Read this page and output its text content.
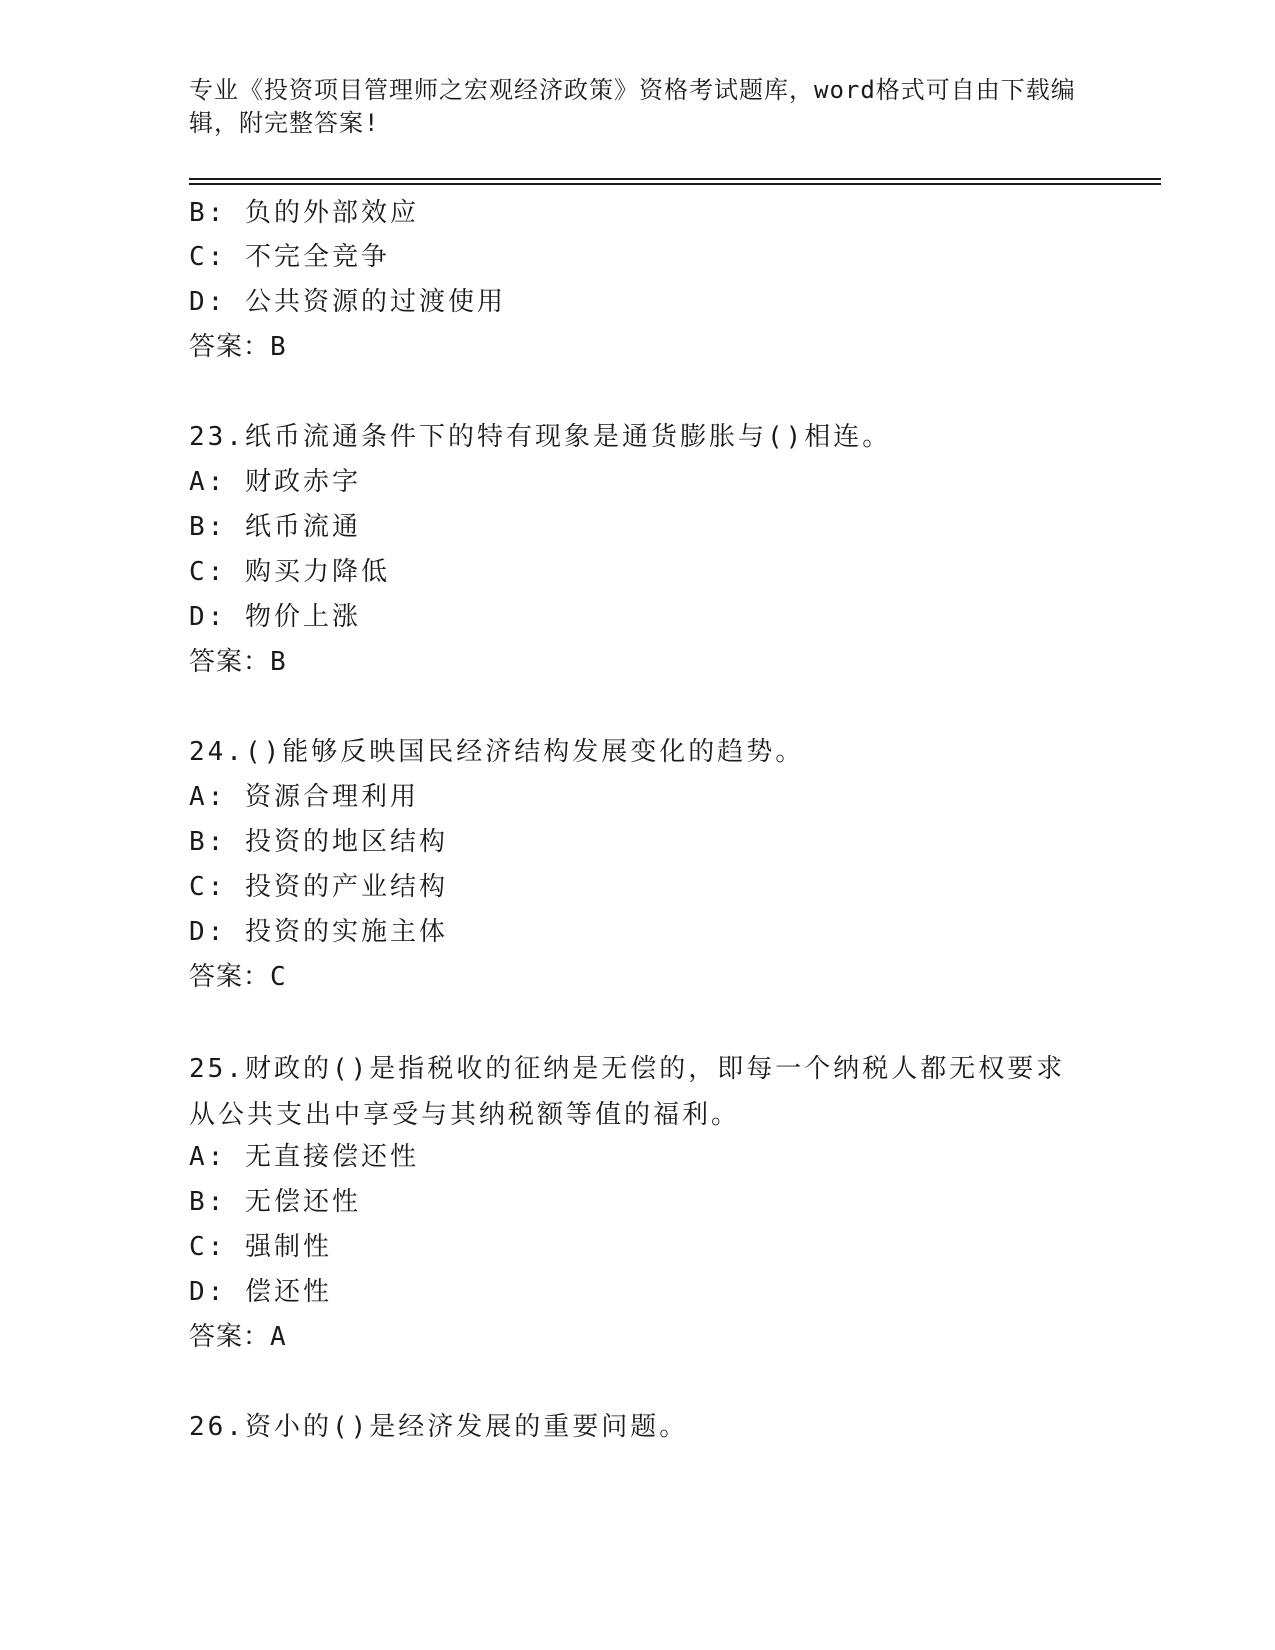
专业《投资项目管理师之宏观经济政策》资格考试题库，word格式可自由下载编辑，附完整答案!
B: 负的外部效应
C: 不完全竞争
D: 公共资源的过渡使用
答案：B
23.纸币流通条件下的特有现象是通货膨胀与()相连。
A: 财政赤字
B: 纸币流通
C: 购买力降低
D: 物价上涨
答案：B
24.()能够反映国民经济结构发展变化的趋势。
A: 资源合理利用
B: 投资的地区结构
C: 投资的产业结构
D: 投资的实施主体
答案：C
25.财政的()是指税收的征纳是无偿的，即每一个纳税人都无权要求从公共支出中享受与其纳税额等值的福利。
A: 无直接偿还性
B: 无偿还性
C: 强制性
D: 偿还性
答案：A
26.资小的()是经济发展的重要问题。
